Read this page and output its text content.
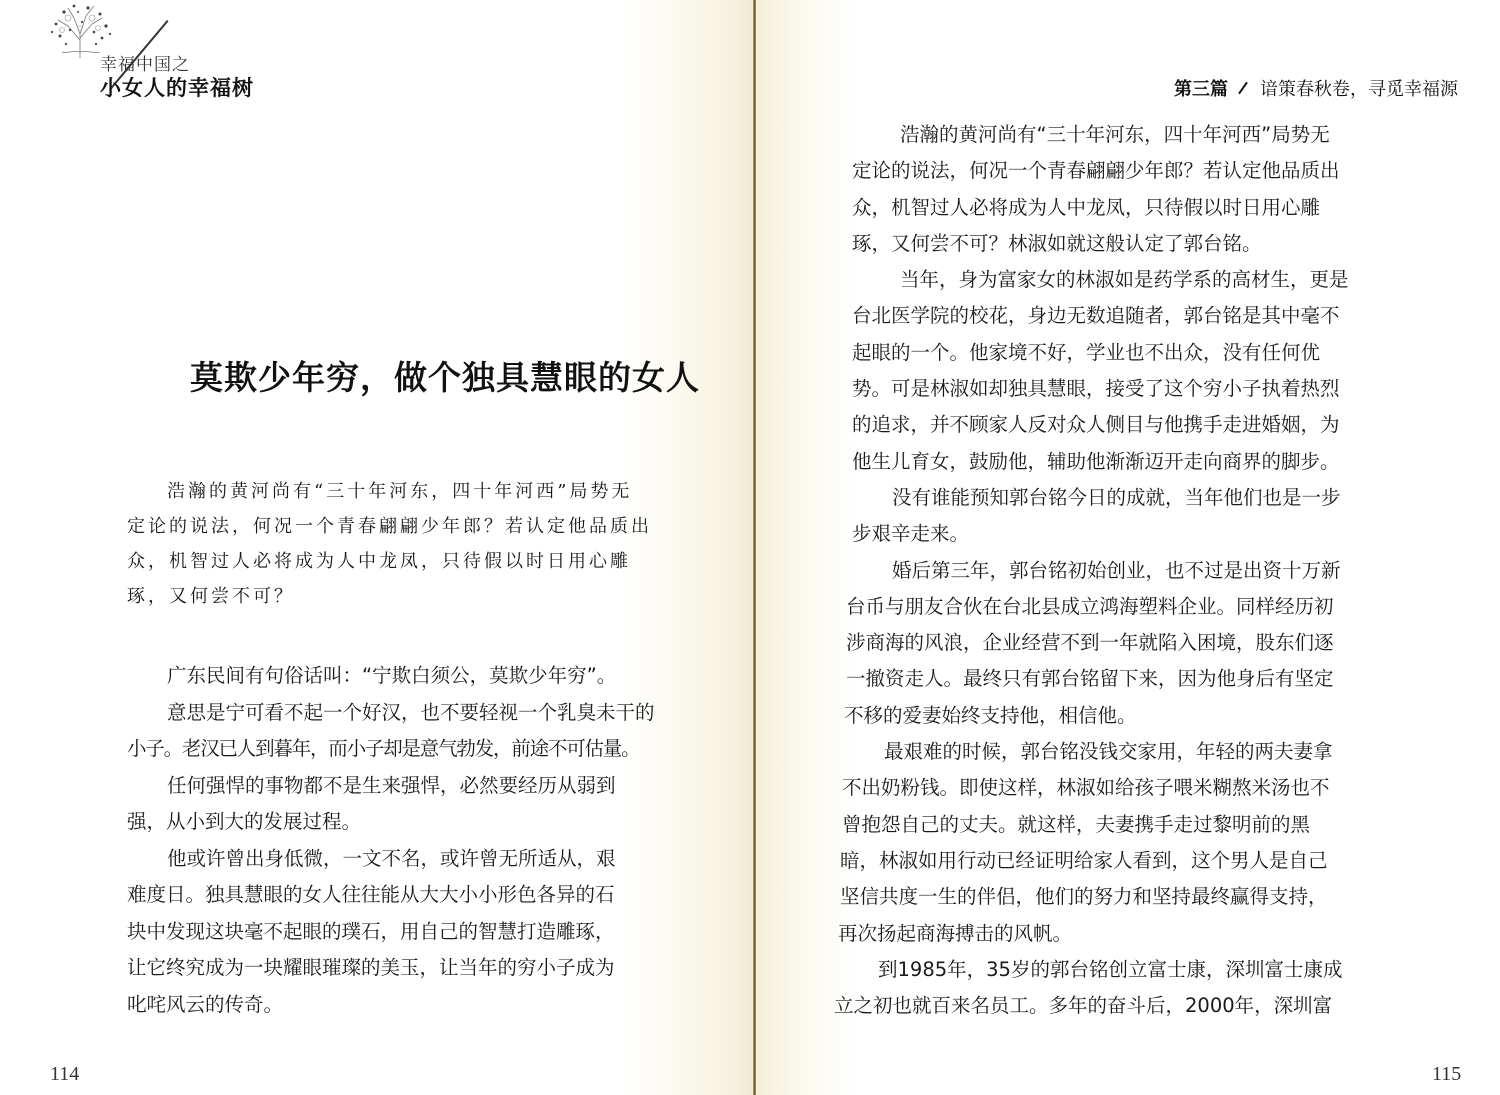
幸福中国之
小女人的幸福树
莫欺少年穷，做个独具慧眼的女人
浩瀚的黄河尚有“三十年河东，四十年河西”局势无
定论的说法，何况一个青春翩翩少年郎？若认定他品质出
众，机智过人必将成为人中龙凤，只待假以时日用心雕
琢，又何尝不可？
广东民间有句俗话叫：“宁欺白须公，莫欺少年穷”。
意思是宁可看不起一个好汉，也不要轻视一个乳臭未干的
小子。老汉已人到暮年，而小子却是意气勃发，前途不可估量。
任何强悍的事物都不是生来强悍，必然要经历从弱到
强，从小到大的发展过程。
他或许曾出身低微，一文不名，或许曾无所适从，艰
难度日。独具慧眼的女人往往能从大大小小形色各异的石
块中发现这块毫不起眼的璞石，用自己的智慧打造雕琢，
让它终究成为一块耀眼璀璨的美玉，让当年的穷小子成为
叱咤风云的传奇。
114
第三篇 谙策春秋卷，寻觅幸福源
浩瀚的黄河尚有“三十年河东，四十年河西”局势无
定论的说法，何况一个青春翩翩少年郎？若认定他品质出
众，机智过人必将成为人中龙凤，只待假以时日用心雕
琢，又何尝不可？林淑如就这般认定了郭台铭。
当年，身为富家女的林淑如是药学系的高材生，更是
台北医学院的校花，身边无数追随者，郭台铭是其中毫不
起眼的一个。他家境不好，学业也不出众，没有任何优
势。可是林淑如却独具慧眼，接受了这个穷小子执着热烈
的追求，并不顾家人反对众人侧目与他携手走进婚姻，为
他生儿育女，鼓励他，辅助他渐渐迈开走向商界的脚步。
没有谁能预知郭台铭今日的成就，当年他们也是一步
步艰辛走来。
婚后第三年，郭台铭初始创业，也不过是出资十万新
台币与朋友合伙在台北县成立鸿海塑料企业。同样经历初
涉商海的风浪，企业经营不到一年就陷入困境，股东们逐
一撤资走人。最终只有郭台铭留下来，因为他身后有坚定
不移的爱妻始终支持他，相信他。
最艰难的时候，郭台铭没钱交家用，年轻的两夫妻拿
不出奶粉钱。即使这样，林淑如给孩子喂米糊熬米汤也不
曾抱怨自己的丈夫。就这样，夫妻携手走过黎明前的黑
暗，林淑如用行动已经证明给家人看到，这个男人是自己
坚信共度一生的伴侣，他们的努力和坚持最终赢得支持，
再次扬起商海搏击的风帆。
到1985年，35岁的郭台铭创立富士康，深圳富士康成
立之初也就百来名员工。多年的奋斗后，2000年，深圳富
115
